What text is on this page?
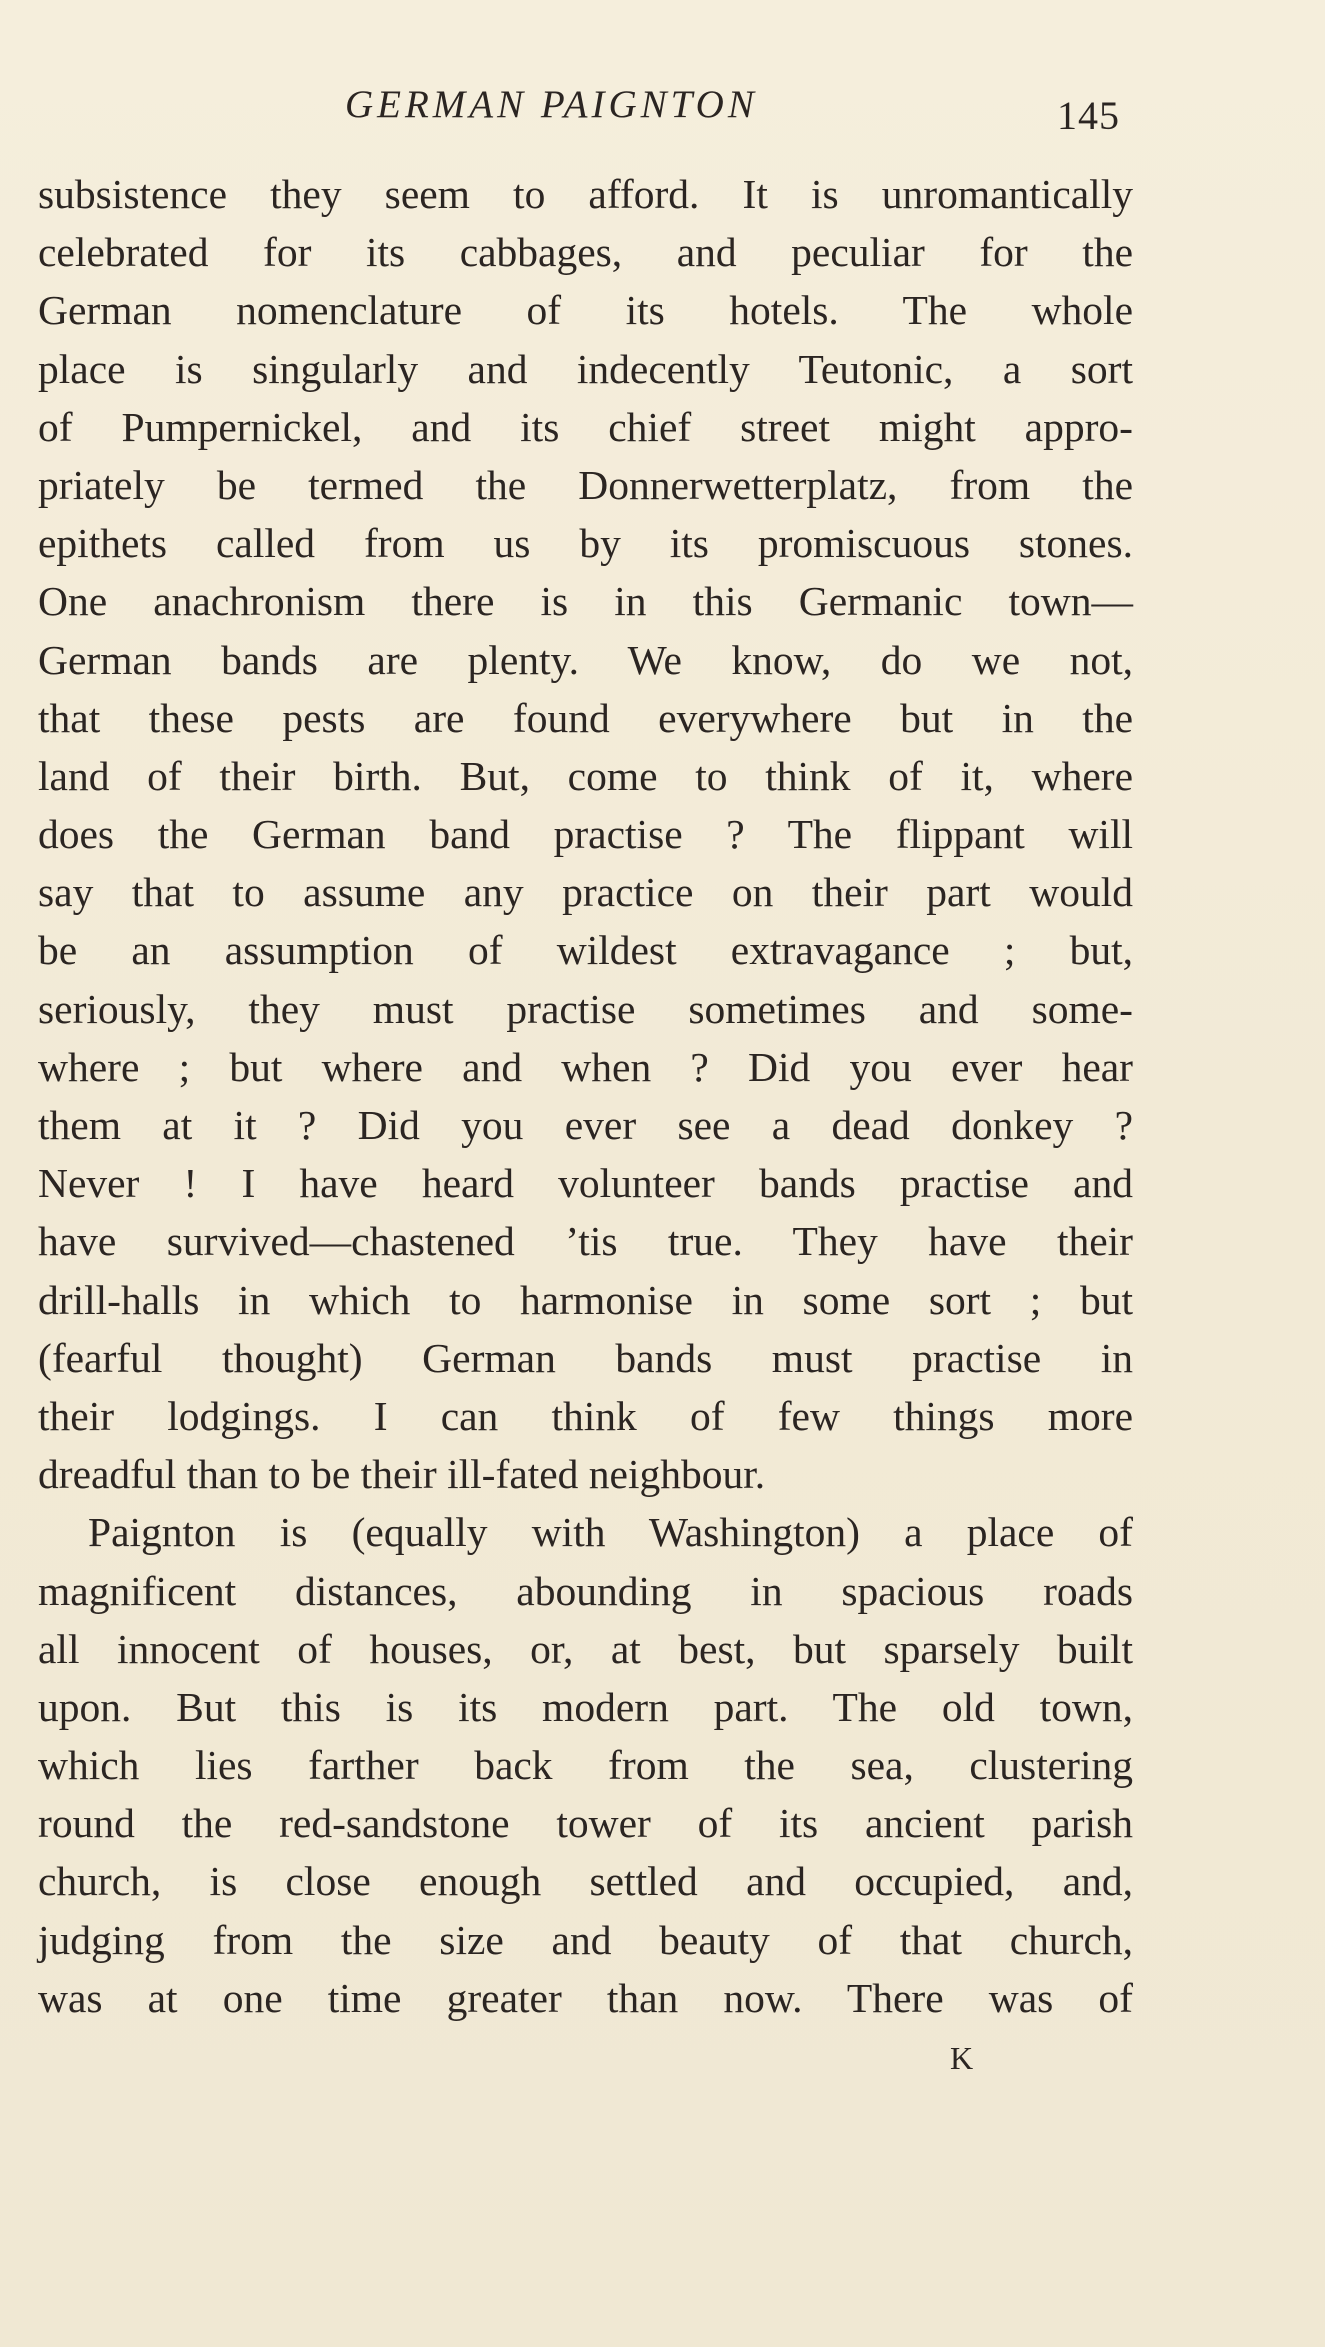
GERMAN PAIGNTON	145
subsistence they seem to afford. It is unromantically
celebrated for its cabbages, and peculiar for the
German nomenclature of its hotels. The whole
place is singularly and indecently Teutonic, a sort
of Pumpernickel, and its chief street might appro-
priately be termed the Donnerwetterplatz, from the
epithets called from us by its promiscuous stones.
One anachronism there is in this Germanic town—
German bands are plenty. We know, do we not,
that these pests are found everywhere but in the
land of their birth. But, come to think of it, where
does the German band practise ? The flippant will
say that to assume any practice on their part would
be an assumption of wildest extravagance ; but,
seriously, they must practise sometimes and some-
where ; but where and when ? Did you ever hear
them at it ? Did you ever see a dead donkey ?
Never ! I have heard volunteer bands practise and
have survived—chastened ’tis true. They have their
drill-halls in which to harmonise in some sort ; but
(fearful thought) German bands must practise in
their lodgings. I can think of few things more
dreadful than to be their ill-fated neighbour.
Paignton is (equally with Washington) a place of
magnificent distances, abounding in spacious roads
all innocent of houses, or, at best, but sparsely built
upon. But this is its modern part. The old town,
which lies farther back from the sea, clustering
round the red-sandstone tower of its ancient parish
church, is close enough settled and occupied, and,
judging from the size and beauty of that church,
was at one time greater than now. There was of
K
